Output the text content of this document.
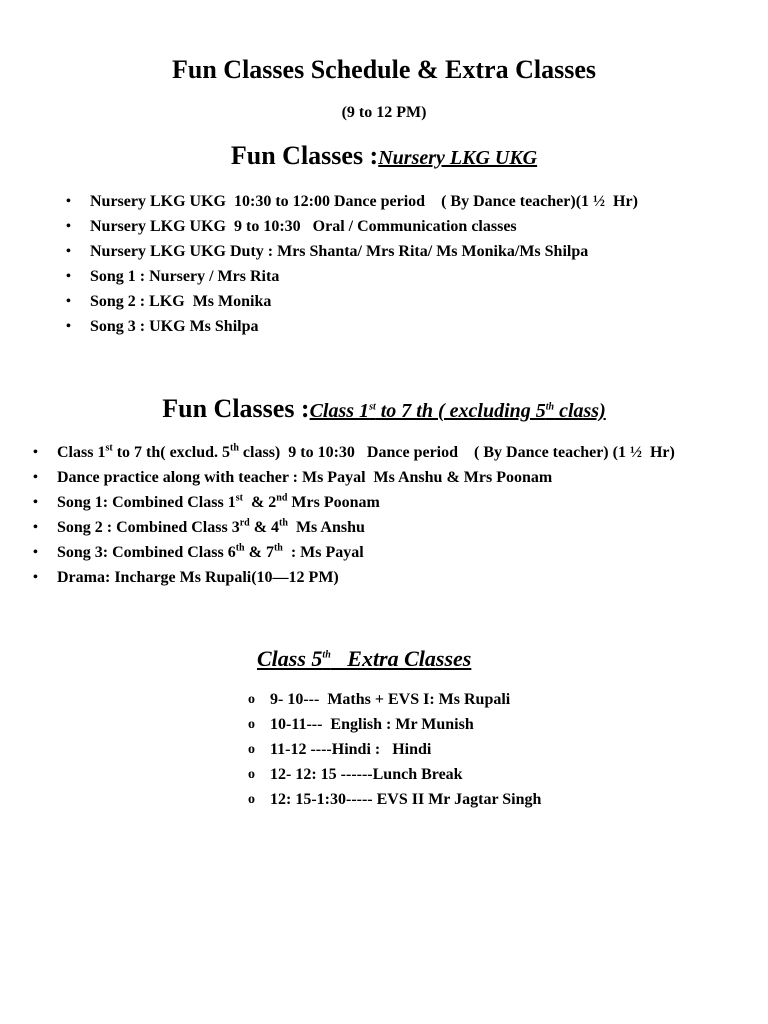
Fun Classes Schedule & Extra Classes
(9 to 12 PM)
Fun Classes :Nursery LKG UKG
• Nursery LKG UKG  10:30 to 12:00 Dance period    ( By Dance teacher)(1 ½  Hr)
• Nursery LKG UKG  9 to 10:30   Oral / Communication classes
• Nursery LKG UKG Duty : Mrs Shanta/ Mrs Rita/ Ms Monika/Ms Shilpa
• Song 1 : Nursery / Mrs Rita
• Song 2 : LKG  Ms Monika
• Song 3 : UKG Ms Shilpa
Fun Classes :Class 1st to 7 th ( excluding 5th class)
• Class 1st to 7 th( exclud. 5th class)  9 to 10:30   Dance period    ( By Dance teacher) (1 ½  Hr)
• Dance practice along with teacher : Ms Payal  Ms Anshu & Mrs Poonam
• Song 1: Combined Class 1st  & 2nd Mrs Poonam
• Song 2 : Combined Class 3rd & 4th  Ms Anshu
• Song 3: Combined Class 6th & 7th  : Ms Payal
• Drama: Incharge Ms Rupali(10—12 PM)
Class 5th   Extra Classes
o 9- 10---  Maths + EVS I: Ms Rupali
o 10-11---  English : Mr Munish
o 11-12 ----Hindi :   Hindi
o 12- 12: 15 ------Lunch Break
o 12: 15-1:30----- EVS II Mr Jagtar Singh
